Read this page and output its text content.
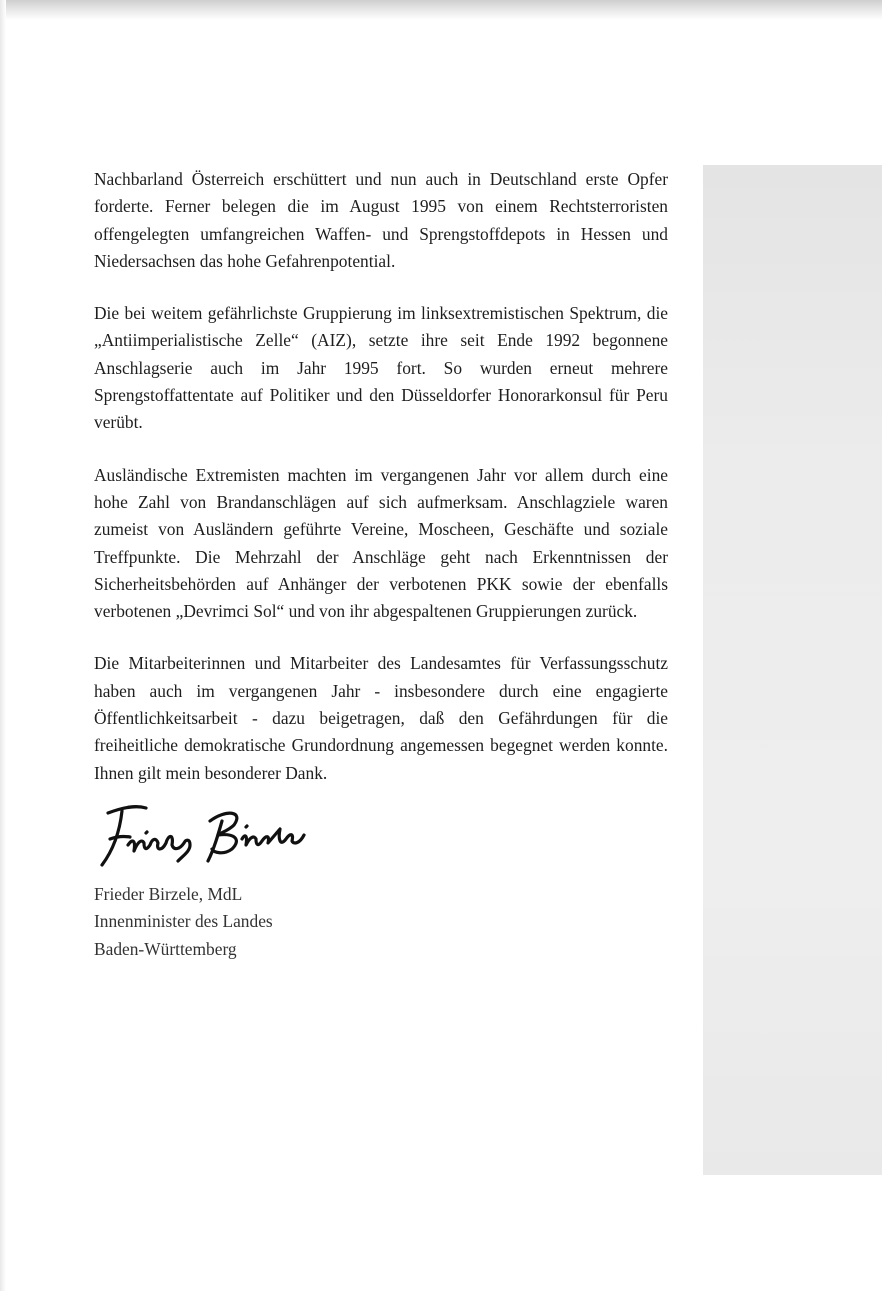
Nachbarland Österreich erschüttert und nun auch in Deutschland erste Opfer forderte. Ferner belegen die im August 1995 von einem Rechtsterroristen offengelegten umfangreichen Waffen- und Sprengstoffdepots in Hessen und Niedersachsen das hohe Gefahrenpotential.

Die bei weitem gefährlichste Gruppierung im linksextremistischen Spektrum, die „Antiimperialistische Zelle“ (AIZ), setzte ihre seit Ende 1992 begonnene Anschlagserie auch im Jahr 1995 fort. So wurden erneut mehrere Sprengstoffattentate auf Politiker und den Düsseldorfer Honorarkonsul für Peru verübt.

Ausländische Extremisten machten im vergangenen Jahr vor allem durch eine hohe Zahl von Brandanschlägen auf sich aufmerksam. Anschlagziele waren zumeist von Ausländern geführte Vereine, Moscheen, Geschäfte und soziale Treffpunkte. Die Mehrzahl der Anschläge geht nach Erkenntnissen der Sicherheitsbehörden auf Anhänger der verbotenen PKK sowie der ebenfalls verbotenen „Devrimci Sol“ und von ihr abgespaltenen Gruppierungen zurück.

Die Mitarbeiterinnen und Mitarbeiter des Landesamtes für Verfassungsschutz haben auch im vergangenen Jahr - insbesondere durch eine engagierte Öffentlichkeitsarbeit - dazu beigetragen, daß den Gefährdungen für die freiheitliche demokratische Grundordnung angemessen begegnet werden konnte. Ihnen gilt mein besonderer Dank.

Frieder Birzele, MdL
Innenminister des Landes
Baden-Württemberg
